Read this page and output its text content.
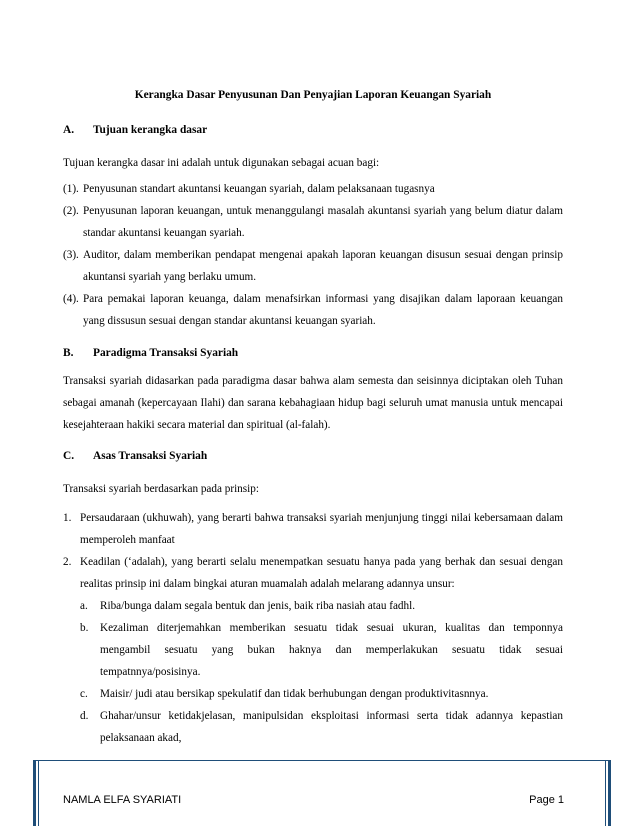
Kerangka Dasar Penyusunan Dan Penyajian Laporan Keuangan Syariah
A. Tujuan kerangka dasar
Tujuan kerangka dasar ini adalah untuk digunakan sebagai acuan bagi:
(1). Penyusunan standart akuntansi keuangan syariah, dalam pelaksanaan tugasnya
(2). Penyusunan laporan keuangan, untuk menanggulangi masalah akuntansi syariah yang belum diatur dalam standar akuntansi keuangan syariah.
(3). Auditor, dalam memberikan pendapat mengenai apakah laporan keuangan disusun sesuai dengan prinsip akuntansi syariah yang berlaku umum.
(4). Para pemakai laporan keuanga, dalam menafsirkan informasi yang disajikan dalam laporaan keuangan yang dissusun sesuai dengan standar akuntansi keuangan syariah.
B. Paradigma Transaksi Syariah
Transaksi syariah didasarkan pada paradigma dasar bahwa alam semesta dan seisinnya diciptakan oleh Tuhan sebagai amanah (kepercayaan Ilahi) dan sarana kebahagiaan hidup bagi seluruh umat manusia untuk mencapai kesejahteraan hakiki secara material dan spiritual (al-falah).
C. Asas Transaksi Syariah
Transaksi syariah berdasarkan pada prinsip:
1. Persaudaraan (ukhuwah), yang berarti bahwa transaksi syariah menjunjung tinggi nilai kebersamaan dalam memperoleh manfaat
2. Keadilan (‘adalah), yang berarti selalu menempatkan sesuatu hanya pada yang berhak dan sesuai dengan realitas prinsip ini dalam bingkai aturan muamalah adalah melarang adannya unsur:
a. Riba/bunga dalam segala bentuk dan jenis, baik riba nasiah atau fadhl.
b. Kezaliman diterjemahkan memberikan sesuatu tidak sesuai ukuran, kualitas dan temponnya mengambil sesuatu yang bukan haknya dan memperlakukan sesuatu tidak sesuai tempatnnya/posisinya.
c. Maisir/ judi atau bersikap spekulatif dan tidak berhubungan dengan produktivitasnnya.
d. Ghahar/unsur ketidakjelasan, manipulsidan eksploitasi informasi serta tidak adannya kepastian pelaksanaan akad,
NAMLA ELFA SYARIATI	Page 1
